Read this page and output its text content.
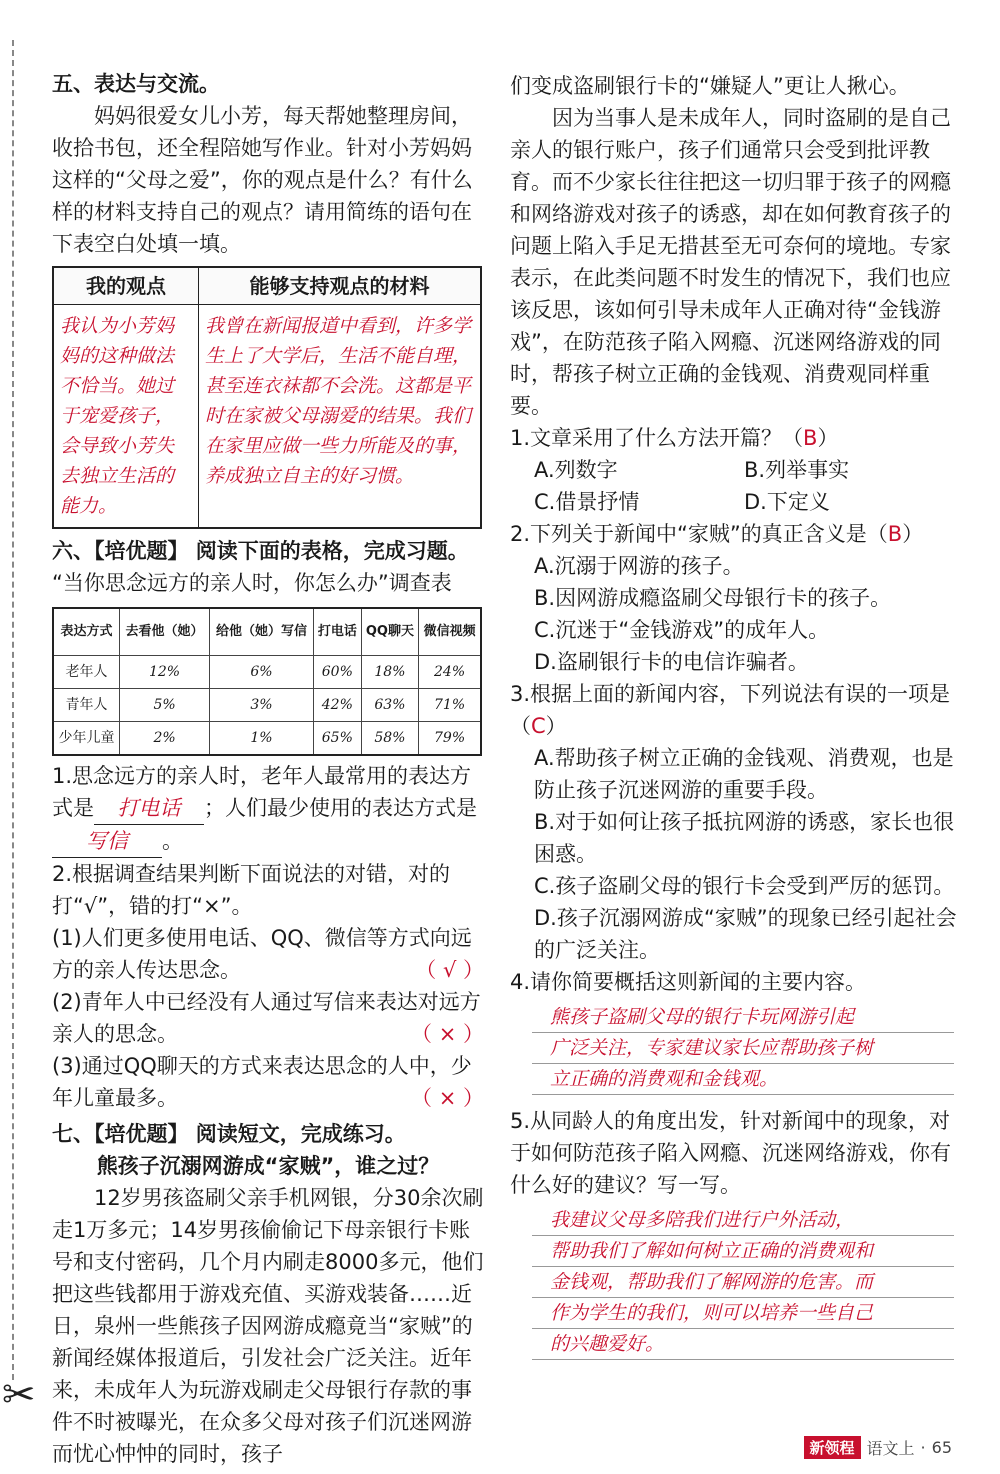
✂

五、表达与交流。

妈妈很爱女儿小芳，每天帮她整理房间，收拾书包，还全程陪她写作业。针对小芳妈妈这样的“父母之爱”，你的观点是什么？有什么样的材料支持自己的观点？请用简练的语句在下表空白处填一填。

我的观点	能够支持观点的材料
我认为小芳妈妈的这种做法不恰当。她过于宠爱孩子，会导致小芳失去独立生活的能力。	我曾在新闻报道中看到，许多学生上了大学后，生活不能自理，甚至连衣袜都不会洗。这都是平时在家被父母溺爱的结果。我们在家里应做一些力所能及的事，养成独立自主的好习惯。

六、【培优题】 阅读下面的表格，完成习题。

“当你思念远方的亲人时，你怎么办”调查表

表达方式	去看他（她）	给他（她）写信	打电话	QQ聊天	微信视频
老年人	12%	6%	60%	18%	24%
青年人	5%	3%	42%	63%	71%
少年儿童	2%	1%	65%	58%	79%

1.思念远方的亲人时，老年人最常用的表达方式是 打电话 ；人们最少使用的表达方式是写信 。

2.根据调查结果判断下面说法的对错，对的打“√”，错的打“×”。

(1)人们更多使用电话、QQ、微信等方式向远方的亲人传达思念。	（ √ ）

(2)青年人中已经没有人通过写信来表达对远方亲人的思念。	（ × ）

(3)通过QQ聊天的方式来表达思念的人中，少年儿童最多。	（ × ）

七、【培优题】 阅读短文，完成练习。

熊孩子沉溺网游成“家贼”，谁之过？

12岁男孩盗刷父亲手机网银，分30余次刷走1万多元；14岁男孩偷偷记下母亲银行卡账号和支付密码，几个月内刷走8000多元，他们把这些钱都用于游戏充值、买游戏装备……近日，泉州一些熊孩子因网游成瘾竟当“家贼”的新闻经媒体报道后，引发社会广泛关注。近年来，未成年人为玩游戏刷走父母银行存款的事件不时被曝光，在众多父母对孩子们沉迷网游而忧心忡忡的同时，孩子

们变成盗刷银行卡的“嫌疑人”更让人揪心。

因为当事人是未成年人，同时盗刷的是自己亲人的银行账户，孩子们通常只会受到批评教育。而不少家长往往把这一切归罪于孩子的网瘾和网络游戏对孩子的诱惑，却在如何教育孩子的问题上陷入手足无措甚至无可奈何的境地。专家表示，在此类问题不时发生的情况下，我们也应该反思，该如何引导未成年人正确对待“金钱游戏”，在防范孩子陷入网瘾、沉迷网络游戏的同时，帮孩子树立正确的金钱观、消费观同样重要。

1.文章采用了什么方法开篇？（B）

A.列数字	B.列举事实
C.借景抒情	D.下定义

2.下列关于新闻中“家贼”的真正含义是（B）

A.沉溺于网游的孩子。

B.因网游成瘾盗刷父母银行卡的孩子。

C.沉迷于“金钱游戏”的成年人。

D.盗刷银行卡的电信诈骗者。

3.根据上面的新闻内容，下列说法有误的一项是（C）

A.帮助孩子树立正确的金钱观、消费观，也是防止孩子沉迷网游的重要手段。

B.对于如何让孩子抵抗网游的诱惑，家长也很困惑。

C.孩子盗刷父母的银行卡会受到严厉的惩罚。

D.孩子沉溺网游成“家贼”的现象已经引起社会的广泛关注。

4.请你简要概括这则新闻的主要内容。

熊孩子盗刷父母的银行卡玩网游引起

广泛关注，专家建议家长应帮助孩子树

立正确的消费观和金钱观。

5.从同龄人的角度出发，针对新闻中的现象，对于如何防范孩子陷入网瘾、沉迷网络游戏，你有什么好的建议？写一写。

我建议父母多陪我们进行户外活动，

帮助我们了解如何树立正确的消费观和

金钱观，帮助我们了解网游的危害。而

作为学生的我们，则可以培养一些自己

的兴趣爱好。

新领程 语文上 · 65
